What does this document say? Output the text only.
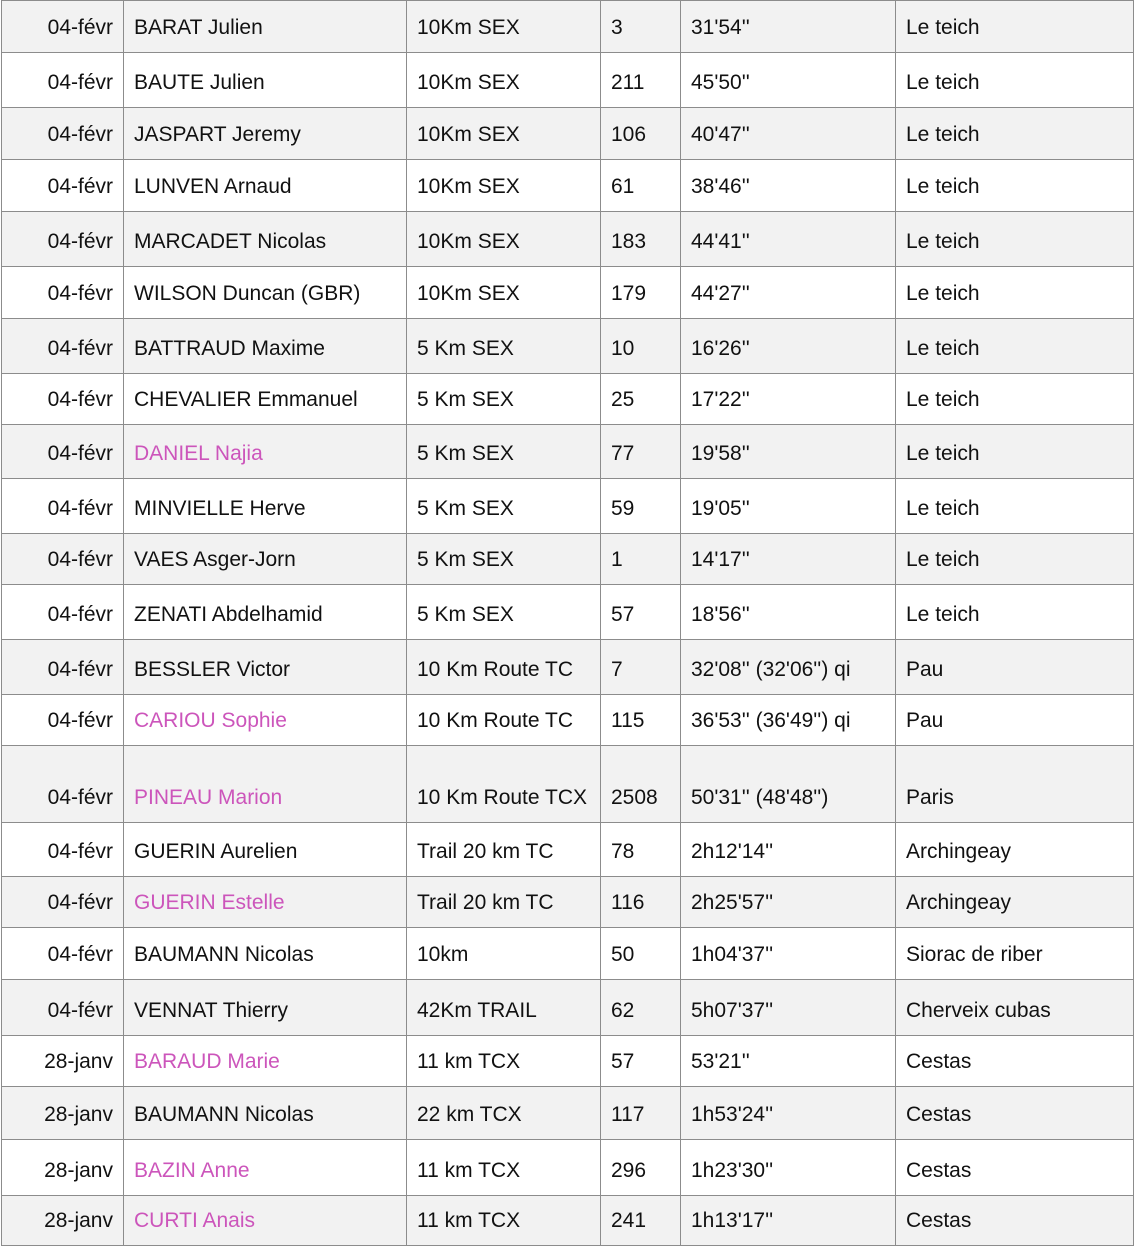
04-févr	BARAT Julien	10Km SEX	3	31'54''	Le teich
04-févr	BAUTE Julien	10Km SEX	211	45'50''	Le teich
04-févr	JASPART Jeremy	10Km SEX	106	40'47''	Le teich
04-févr	LUNVEN Arnaud	10Km SEX	61	38'46''	Le teich
04-févr	MARCADET Nicolas	10Km SEX	183	44'41''	Le teich
04-févr	WILSON Duncan (GBR)	10Km SEX	179	44'27''	Le teich
04-févr	BATTRAUD Maxime	5 Km SEX	10	16'26''	Le teich
04-févr	CHEVALIER Emmanuel	5 Km SEX	25	17'22''	Le teich
04-févr	DANIEL Najia	5 Km SEX	77	19'58''	Le teich
04-févr	MINVIELLE Herve	5 Km SEX	59	19'05''	Le teich
04-févr	VAES Asger-Jorn	5 Km SEX	1	14'17''	Le teich
04-févr	ZENATI Abdelhamid	5 Km SEX	57	18'56''	Le teich
04-févr	BESSLER Victor	10 Km Route TC	7	32'08'' (32'06'') qi	Pau
04-févr	CARIOU Sophie	10 Km Route TC	115	36'53'' (36'49'') qi	Pau
04-févr	PINEAU Marion	10 Km Route TCX	2508	50'31'' (48'48'')	Paris
04-févr	GUERIN Aurelien	Trail 20 km TC	78	2h12'14''	Archingeay
04-févr	GUERIN Estelle	Trail 20 km TC	116	2h25'57''	Archingeay
04-févr	BAUMANN Nicolas	10km	50	1h04'37''	Siorac de riber
04-févr	VENNAT Thierry	42Km TRAIL	62	5h07'37''	Cherveix cubas
28-janv	BARAUD Marie	11 km TCX	57	53'21''	Cestas
28-janv	BAUMANN Nicolas	22 km TCX	117	1h53'24''	Cestas
28-janv	BAZIN Anne	11 km TCX	296	1h23'30''	Cestas
28-janv	CURTI Anais	11 km TCX	241	1h13'17''	Cestas
